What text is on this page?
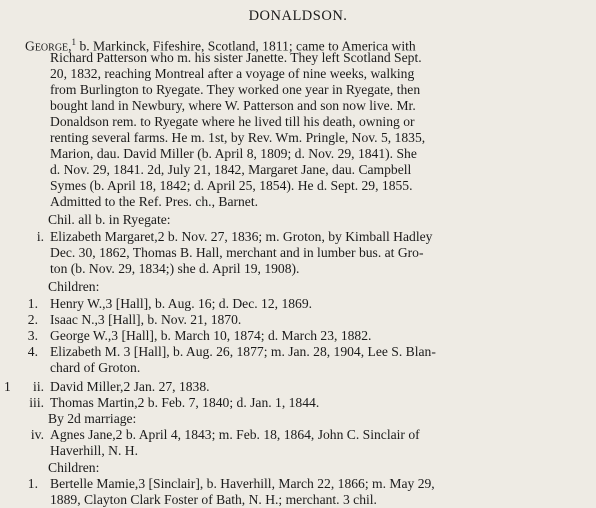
DONALDSON.
George,$^1$ b. Markinck, Fifeshire, Scotland, 1811; came to America with
Richard Patterson who m. his sister Janette. They left Scotland Sept.
20, 1832, reaching Montreal after a voyage of nine weeks, walking
from Burlington to Ryegate. They worked one year in Ryegate, then
bought land in Newbury, where W. Patterson and son now live. Mr.
Donaldson rem. to Ryegate where he lived till his death, owning or
renting several farms. He m. 1st, by Rev. Wm. Pringle, Nov. 5, 1835,
Marion, dau. David Miller (b. April 8, 1809; d. Nov. 29, 1841). She
d. Nov. 29, 1841. 2d, July 21, 1842, Margaret Jane, dau. Campbell
Symes (b. April 18, 1842; d. April 25, 1854). He d. Sept. 29, 1855.
Admitted to the Ref. Pres. ch., Barnet.
Chil. all b. in Ryegate:
i. Elizabeth Margaret,2 b. Nov. 27, 1836; m. Groton, by Kimball Hadley
Dec. 30, 1862, Thomas B. Hall, merchant and in lumber bus. at Gro-
ton (b. Nov. 29, 1834;) she d. April 19, 1908).
Children:
1. Henry W.,3 [Hall], b. Aug. 16; d. Dec. 12, 1869.
2. Isaac N.,3 [Hall], b. Nov. 21, 1870.
3. George W.,3 [Hall], b. March 10, 1874; d. March 23, 1882.
4. Elizabeth M. 3 [Hall], b. Aug. 26, 1877; m. Jan. 28, 1904, Lee S. Blan-
chard of Groton.
1	ii. David Miller,2 Jan. 27, 1838.
iii. Thomas Martin,2 b. Feb. 7, 1840; d. Jan. 1, 1844.
By 2d marriage:
iv. Agnes Jane,2 b. April 4, 1843; m. Feb. 18, 1864, John C. Sinclair of
Haverhill, N. H.
Children:
1. Bertelle Mamie,3 [Sinclair], b. Haverhill, March 22, 1866; m. May 29,
1889, Clayton Clark Foster of Bath, N. H.; merchant. 3 chil.
